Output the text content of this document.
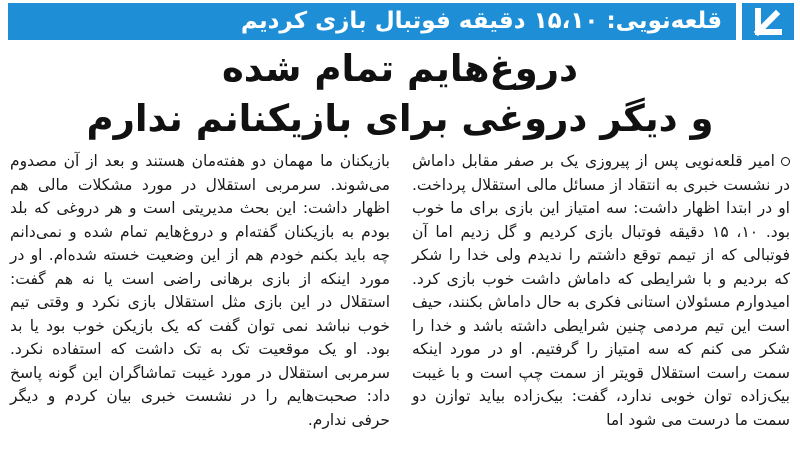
قلعه‌نویی: ۱۵،۱۰ دقیقه فوتبال بازی کردیم
دروغ‌هایم تمام شده
و دیگر دروغی برای بازیکنانم ندارم

امیر قلعه‌نویی پس از پیروزی یک بر صفر مقابل داماش در نشست خبری به انتقاد از مسائل مالی استقلال پرداخت. او در ابتدا اظهار داشت: سه امتیاز این بازی برای ما خوب بود. ۱۰، ۱۵ دقیقه فوتبال بازی کردیم و گل زدیم اما آن فوتبالی که از تیمم توقع داشتم را ندیدم ولی خدا را شکر که بردیم و با شرایطی که داماش داشت خوب بازی کرد. امیدوارم مسئولان استانی فکری به حال داماش بکنند، حیف است این تیم مردمی چنین شرایطی داشته باشد و خدا را شکر می کنم که سه امتیاز را گرفتیم. او در مورد اینکه سمت راست استقلال قویتر از سمت چپ است و با غیبت بیک‌زاده توان خوبی ندارد، گفت: بیک‌زاده بیاید توازن دو سمت ما درست می شود اما

بازیکنان ما مهمان دو هفته‌مان هستند و بعد از آن مصدوم می‌شوند. سرمربی استقلال در مورد مشکلات مالی هم اظهار داشت: این بحث مدیریتی است و هر دروغی که بلد بودم به بازیکنان گفته‌ام و دروغ‌هایم تمام شده و نمی‌دانم چه باید بکنم خودم هم از این وضعیت خسته شده‌ام. او در مورد اینکه از بازی برهانی راضی است یا نه هم گفت: استقلال در این بازی مثل استقلال بازی نکرد و وقتی تیم خوب نباشد نمی توان گفت که یک بازیکن خوب بود یا بد بود. او یک موقعیت تک به تک داشت که استفاده نکرد. سرمربی استقلال در مورد غیبت تماشاگران این گونه پاسخ داد: صحبت‌هایم را در نشست خبری بیان کردم و دیگر حرفی ندارم.
